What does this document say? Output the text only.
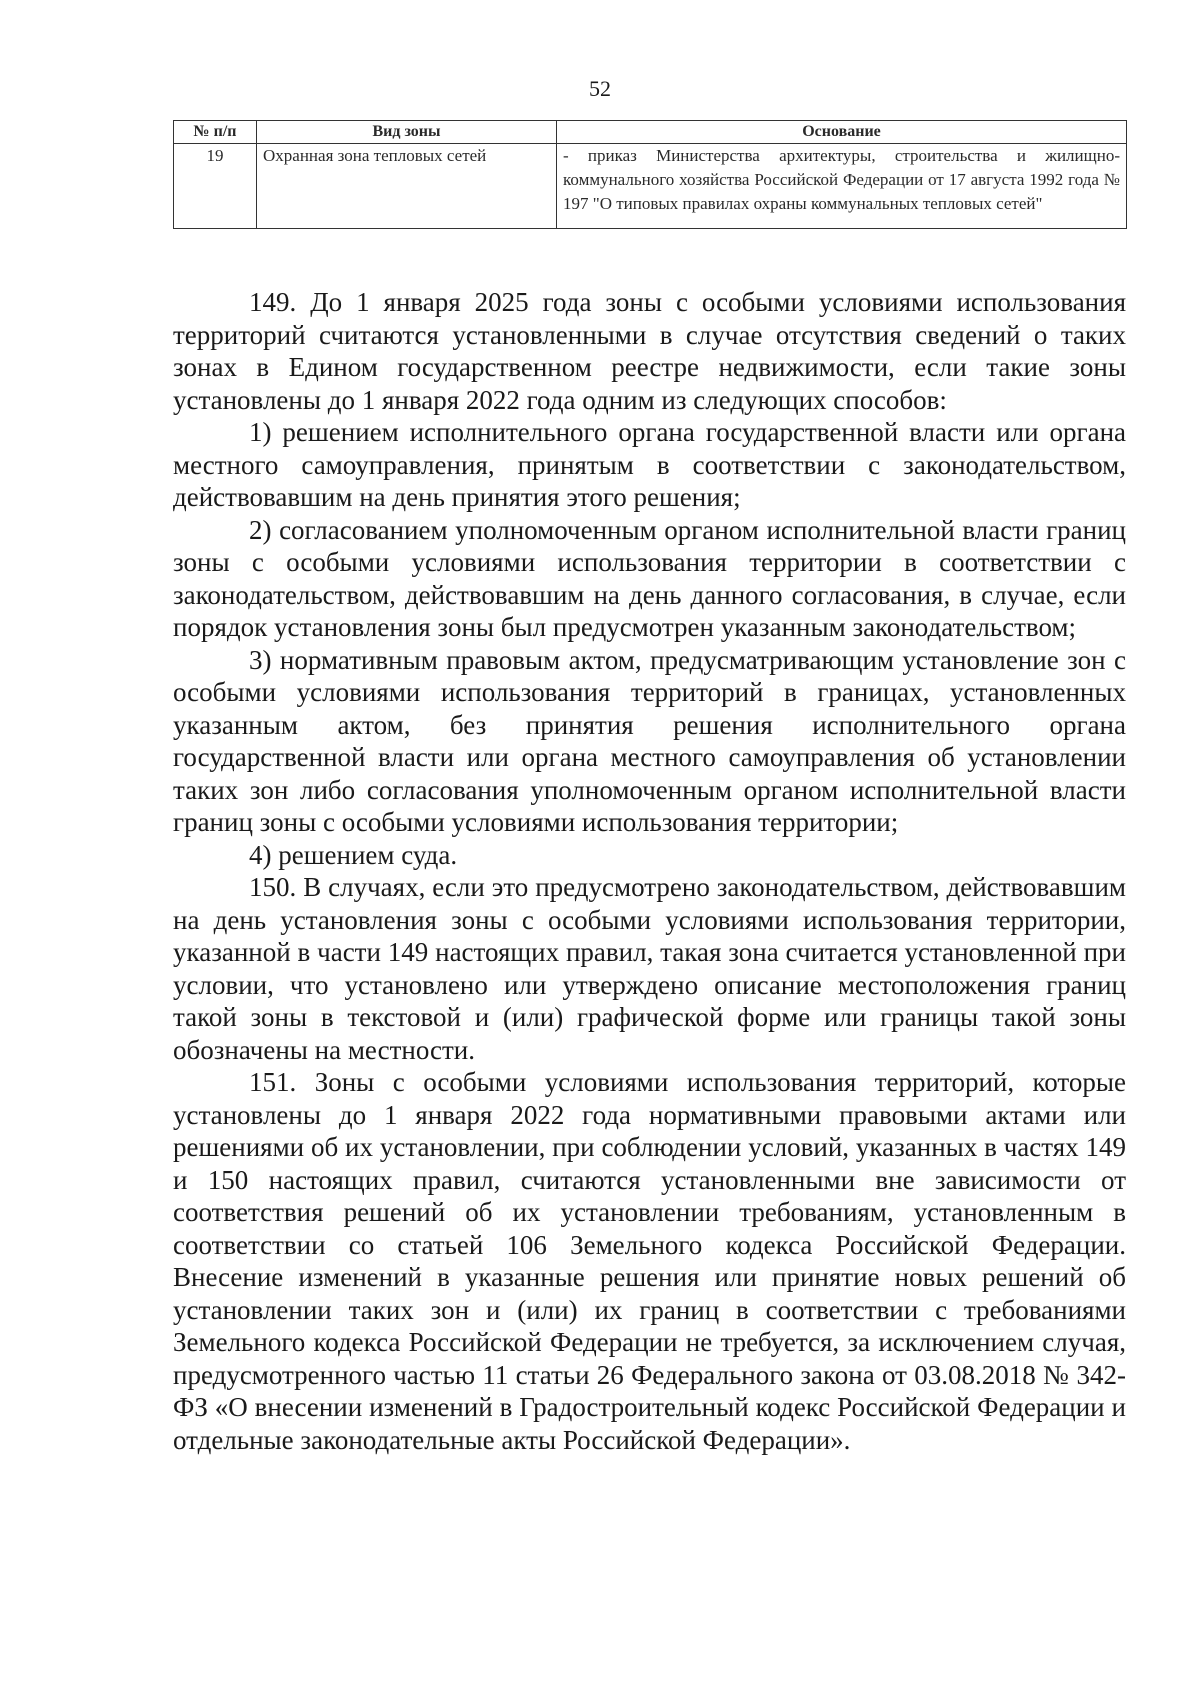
52
№ п/п	Вид зоны	Основание
19	Охранная зона тепловых сетей	- приказ Министерства архитектуры, строительства и жилищно-коммунального хозяйства Российской Федерации от 17 августа 1992 года № 197 "О типовых правилах охраны коммунальных тепловых сетей"

149. До 1 января 2025 года зоны с особыми условиями использования территорий считаются установленными в случае отсутствия сведений о таких зонах в Едином государственном реестре недвижимости, если такие зоны установлены до 1 января 2022 года одним из следующих способов:

1) решением исполнительного органа государственной власти или органа местного самоуправления, принятым в соответствии с законодательством, действовавшим на день принятия этого решения;

2) согласованием уполномоченным органом исполнительной власти границ зоны с особыми условиями использования территории в соответствии с законодательством, действовавшим на день данного согласования, в случае, если порядок установления зоны был предусмотрен указанным законодательством;

3) нормативным правовым актом, предусматривающим установление зон с особыми условиями использования территорий в границах, установленных указанным актом, без принятия решения исполнительного органа государственной власти или органа местного самоуправления об установлении таких зон либо согласования уполномоченным органом исполнительной власти границ зоны с особыми условиями использования территории;

4) решением суда.

150. В случаях, если это предусмотрено законодательством, действовавшим на день установления зоны с особыми условиями использования территории, указанной в части 149 настоящих правил, такая зона считается установленной при условии, что установлено или утверждено описание местоположения границ такой зоны в текстовой и (или) графической форме или границы такой зоны обозначены на местности.

151. Зоны с особыми условиями использования территорий, которые установлены до 1 января 2022 года нормативными правовыми актами или решениями об их установлении, при соблюдении условий, указанных в частях 149 и 150 настоящих правил, считаются установленными вне зависимости от соответствия решений об их установлении требованиям, установленным в соответствии со статьей 106 Земельного кодекса Российской Федерации. Внесение изменений в указанные решения или принятие новых решений об установлении таких зон и (или) их границ в соответствии с требованиями Земельного кодекса Российской Федерации не требуется, за исключением случая, предусмотренного частью 11 статьи 26 Федерального закона от 03.08.2018 № 342-ФЗ «О внесении изменений в Градостроительный кодекс Российской Федерации и отдельные законодательные акты Российской Федерации».
